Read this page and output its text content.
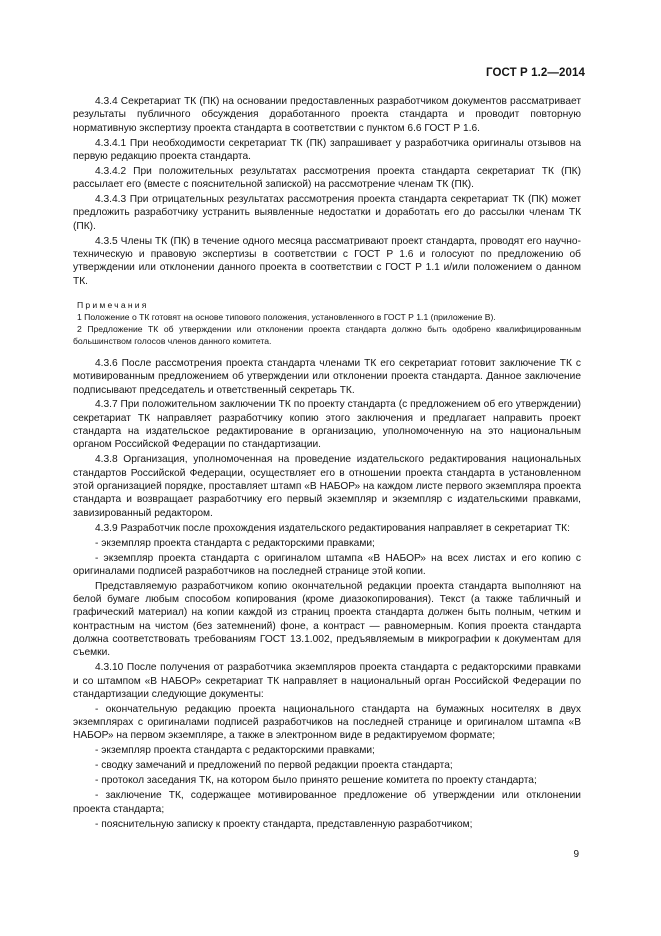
ГОСТ Р 1.2—2014

4.3.4 Секретариат ТК (ПК) на основании предоставленных разработчиком документов рассматривает результаты публичного обсуждения доработанного проекта стандарта и проводит повторную нормативную экспертизу проекта стандарта в соответствии с пунктом 6.6 ГОСТ Р 1.6.

4.3.4.1 При необходимости секретариат ТК (ПК) запрашивает у разработчика оригиналы отзывов на первую редакцию проекта стандарта.

4.3.4.2 При положительных результатах рассмотрения проекта стандарта секретариат ТК (ПК) рассылает его (вместе с пояснительной запиской) на рассмотрение членам ТК (ПК).

4.3.4.3 При отрицательных результатах рассмотрения проекта стандарта секретариат ТК (ПК) может предложить разработчику устранить выявленные недостатки и доработать его до рассылки членам ТК (ПК).

4.3.5 Члены ТК (ПК) в течение одного месяца рассматривают проект стандарта, проводят его научно-техническую и правовую экспертизы в соответствии с ГОСТ Р 1.6 и голосуют по предложению об утверждении или отклонении данного проекта в соответствии с ГОСТ Р 1.1 и/или положением о данном ТК.

Примечания

1 Положение о ТК готовят на основе типового положения, установленного в ГОСТ Р 1.1 (приложение В).

2 Предложение ТК об утверждении или отклонении проекта стандарта должно быть одобрено квалифицированным большинством голосов членов данного комитета.

4.3.6 После рассмотрения проекта стандарта членами ТК его секретариат готовит заключение ТК с мотивированным предложением об утверждении или отклонении проекта стандарта. Данное заключение подписывают председатель и ответственный секретарь ТК.

4.3.7 При положительном заключении ТК по проекту стандарта (с предложением об его утверждении) секретариат ТК направляет разработчику копию этого заключения и предлагает направить проект стандарта на издательское редактирование в организацию, уполномоченную на это национальным органом Российской Федерации по стандартизации.

4.3.8 Организация, уполномоченная на проведение издательского редактирования национальных стандартов Российской Федерации, осуществляет его в отношении проекта стандарта в установленном этой организацией порядке, проставляет штамп «В НАБОР» на каждом листе первого экземпляра проекта стандарта и возвращает разработчику его первый экземпляр и экземпляр с издательскими правками, завизированный редактором.

4.3.9 Разработчик после прохождения издательского редактирования направляет в секретариат ТК:

- экземпляр проекта стандарта с редакторскими правками;

- экземпляр проекта стандарта с оригиналом штампа «В НАБОР» на всех листах и его копию с оригиналами подписей разработчиков на последней странице этой копии.

Представляемую разработчиком копию окончательной редакции проекта стандарта выполняют на белой бумаге любым способом копирования (кроме диазокопирования). Текст (а также табличный и графический материал) на копии каждой из страниц проекта стандарта должен быть полным, четким и контрастным на чистом (без затемнений) фоне, а контраст — равномерным. Копия проекта стандарта должна соответствовать требованиям ГОСТ 13.1.002, предъявляемым в микрографии к документам для съемки.

4.3.10 После получения от разработчика экземпляров проекта стандарта с редакторскими правками и со штампом «В НАБОР» секретариат ТК направляет в национальный орган Российской Федерации по стандартизации следующие документы:

- окончательную редакцию проекта национального стандарта на бумажных носителях в двух экземплярах с оригиналами подписей разработчиков на последней странице и оригиналом штампа «В НАБОР» на первом экземпляре, а также в электронном виде в редактируемом формате;

- экземпляр проекта стандарта с редакторскими правками;

- сводку замечаний и предложений по первой редакции проекта стандарта;

- протокол заседания ТК, на котором было принято решение комитета по проекту стандарта;

- заключение ТК, содержащее мотивированное предложение об утверждении или отклонении проекта стандарта;

- пояснительную записку к проекту стандарта, представленную разработчиком;

9
